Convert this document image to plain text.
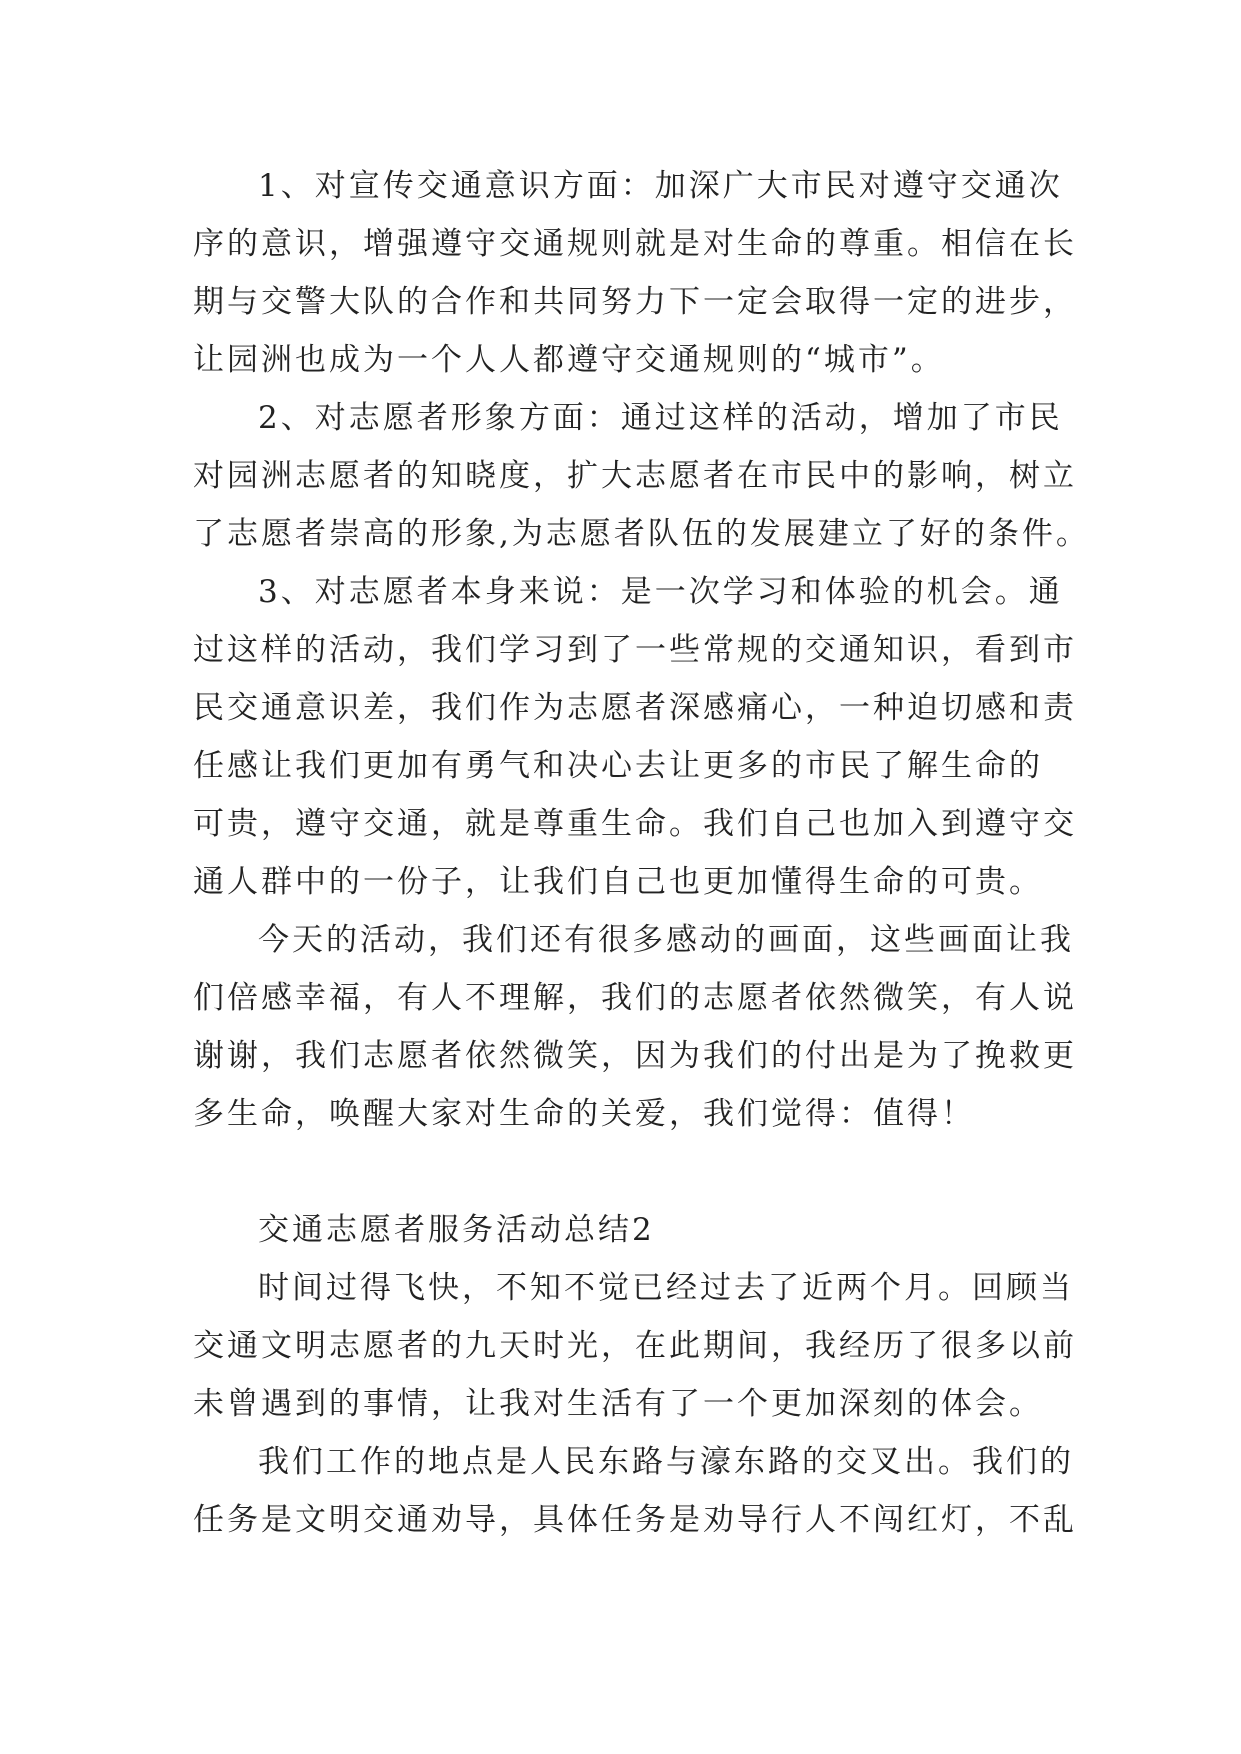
1、对宣传交通意识方面：加深广大市民对遵守交通次
序的意识，增强遵守交通规则就是对生命的尊重。相信在长
期与交警大队的合作和共同努力下一定会取得一定的进步，
让园洲也成为一个人人都遵守交通规则的“城市”。
2、对志愿者形象方面：通过这样的活动，增加了市民
对园洲志愿者的知晓度，扩大志愿者在市民中的影响，树立
了志愿者崇高的形象,为志愿者队伍的发展建立了好的条件。
3、对志愿者本身来说：是一次学习和体验的机会。通
过这样的活动，我们学习到了一些常规的交通知识，看到市
民交通意识差，我们作为志愿者深感痛心，一种迫切感和责
任感让我们更加有勇气和决心去让更多的市民了解生命的
可贵，遵守交通，就是尊重生命。我们自己也加入到遵守交
通人群中的一份子，让我们自己也更加懂得生命的可贵。
今天的活动，我们还有很多感动的画面，这些画面让我
们倍感幸福，有人不理解，我们的志愿者依然微笑，有人说
谢谢，我们志愿者依然微笑，因为我们的付出是为了挽救更
多生命，唤醒大家对生命的关爱，我们觉得：值得！
交通志愿者服务活动总结2
时间过得飞快，不知不觉已经过去了近两个月。回顾当
交通文明志愿者的九天时光，在此期间，我经历了很多以前
未曾遇到的事情，让我对生活有了一个更加深刻的体会。
我们工作的地点是人民东路与濠东路的交叉出。我们的
任务是文明交通劝导，具体任务是劝导行人不闯红灯，不乱
